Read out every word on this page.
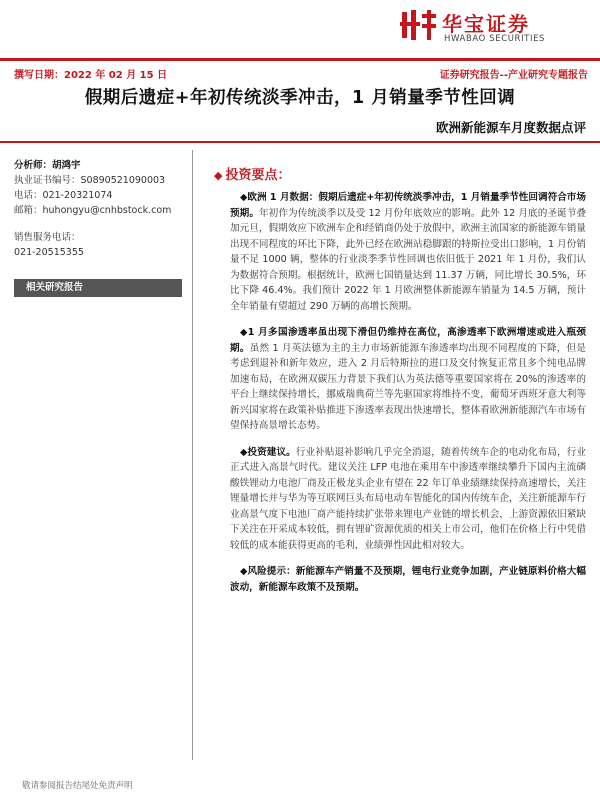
华宝证券
HWABAO SECURITIES
撰写日期：2022 年 02 月 15 日	证券研究报告--产业研究专题报告
假期后遗症+年初传统淡季冲击，1 月销量季节性回调
欧洲新能源车月度数据点评
分析师：胡鸿宇
执业证书编号：S0890521090003
电话：021-20321074
邮箱：huhongyu@cnhbstock.com
销售服务电话：
021-20515355
相关研究报告
◆ 投资要点：

◆欧洲 1 月数据：假期后遗症+年初传统淡季冲击，1 月销量季节性回调符合市场预期。年初作为传统淡季以及受 12 月份年底效应的影响。此外 12 月底的圣诞节叠加元旦，假期效应下欧洲车企和经销商仍处于放假中，欧洲主流国家的新能源车销量出现不同程度的环比下降，此外已经在欧洲站稳脚跟的特斯拉受出口影响，1 月份销量不足 1000 辆，整体的行业淡季季节性回调也依旧低于 2021 年 1 月份，我们认为数据符合预期。根据统计，欧洲七国销量达到 11.37 万辆，同比增长 30.5%，环比下降 46.4%。我们预计 2022 年 1 月欧洲整体新能源车销量为 14.5 万辆，预计全年销量有望超过 290 万辆的高增长预期。

◆1 月多国渗透率虽出现下滑但仍维持在高位，高渗透率下欧洲增速或进入瓶颈期。虽然 1 月英法德为主的主力市场新能源车渗透率均出现不同程度的下降，但是考虑到退补和新年效应，进入 2 月后特斯拉的进口及交付恢复正常且多个纯电品牌加速布局，在欧洲双碳压力背景下我们认为英法德等重要国家将在 20%的渗透率的平台上继续保持增长，挪威瑞典荷兰等先驱国家将维持不变，葡萄牙西班牙意大利等新兴国家将在政策补贴推进下渗透率表现出快速增长，整体看欧洲新能源汽车市场有望保持高景增长态势。

◆投资建议。行业补贴退补影响几乎完全消退，随着传统车企的电动化布局，行业正式进入高景气时代。建议关注 LFP 电池在乘用车中渗透率继续攀升下国内主流磷酸铁锂动力电池厂商及正极龙头企业有望在 22 年订单业绩继续保持高速增长，关注锂量增长并与华为等互联网巨头布局电动车智能化的国内传统车企，关注新能源车行业高景气度下电池厂商产能持续扩张带来锂电产业链的增长机会，上游资源依旧紧缺下关注在开采成本较低，拥有锂矿资源优质的相关上市公司，他们在价格上行中凭借较低的成本能获得更高的毛利，业绩弹性因此相对较大。

◆风险提示：新能源车产销量不及预期，锂电行业竞争加剧，产业链原料价格大幅波动，新能源车政策不及预期。

敬请参阅报告结尾处免责声明
